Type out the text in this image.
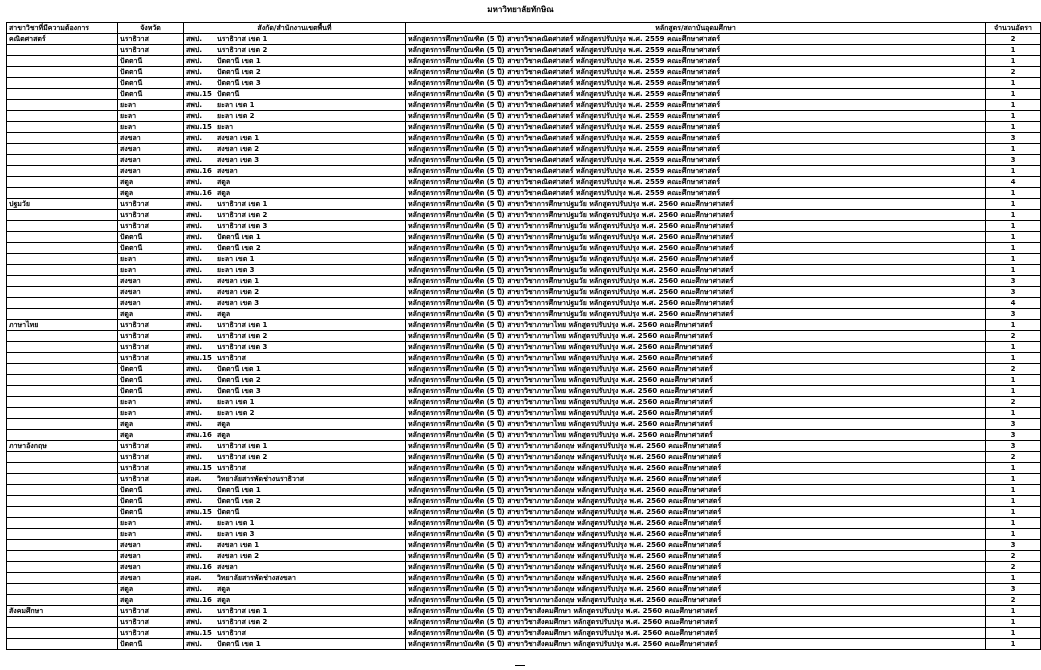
มหาวิทยาลัยทักษิณ
สาขาวิชาที่มีความต้องการ	จังหวัด	สังกัด/สำนักงานเขตพื้นที่	หลักสูตร/สถาบันอุดมศึกษา	จำนวนอัตรา
คณิตศาสตร์	นราธิวาส	สพป. นราธิวาส เขต 1	หลักสูตรการศึกษาบัณฑิต (5 ปี) สาขาวิชาคณิตศาสตร์ หลักสูตรปรับปรุง พ.ศ. 2559 คณะศึกษาศาสตร์	2
	นราธิวาส	สพป. นราธิวาส เขต 2	หลักสูตรการศึกษาบัณฑิต (5 ปี) สาขาวิชาคณิตศาสตร์ หลักสูตรปรับปรุง พ.ศ. 2559 คณะศึกษาศาสตร์	1
	ปัตตานี	สพป. ปัตตานี เขต 1	หลักสูตรการศึกษาบัณฑิต (5 ปี) สาขาวิชาคณิตศาสตร์ หลักสูตรปรับปรุง พ.ศ. 2559 คณะศึกษาศาสตร์	1
	ปัตตานี	สพป. ปัตตานี เขต 2	หลักสูตรการศึกษาบัณฑิต (5 ปี) สาขาวิชาคณิตศาสตร์ หลักสูตรปรับปรุง พ.ศ. 2559 คณะศึกษาศาสตร์	2
	ปัตตานี	สพป. ปัตตานี เขต 3	หลักสูตรการศึกษาบัณฑิต (5 ปี) สาขาวิชาคณิตศาสตร์ หลักสูตรปรับปรุง พ.ศ. 2559 คณะศึกษาศาสตร์	1
	ปัตตานี	สพม.15 ปัตตานี	หลักสูตรการศึกษาบัณฑิต (5 ปี) สาขาวิชาคณิตศาสตร์ หลักสูตรปรับปรุง พ.ศ. 2559 คณะศึกษาศาสตร์	1
	ยะลา	สพป. ยะลา เขต 1	หลักสูตรการศึกษาบัณฑิต (5 ปี) สาขาวิชาคณิตศาสตร์ หลักสูตรปรับปรุง พ.ศ. 2559 คณะศึกษาศาสตร์	1
	ยะลา	สพป. ยะลา เขต 2	หลักสูตรการศึกษาบัณฑิต (5 ปี) สาขาวิชาคณิตศาสตร์ หลักสูตรปรับปรุง พ.ศ. 2559 คณะศึกษาศาสตร์	1
	ยะลา	สพม.15 ยะลา	หลักสูตรการศึกษาบัณฑิต (5 ปี) สาขาวิชาคณิตศาสตร์ หลักสูตรปรับปรุง พ.ศ. 2559 คณะศึกษาศาสตร์	1
	สงขลา	สพป. สงขลา เขต 1	หลักสูตรการศึกษาบัณฑิต (5 ปี) สาขาวิชาคณิตศาสตร์ หลักสูตรปรับปรุง พ.ศ. 2559 คณะศึกษาศาสตร์	3
	สงขลา	สพป. สงขลา เขต 2	หลักสูตรการศึกษาบัณฑิต (5 ปี) สาขาวิชาคณิตศาสตร์ หลักสูตรปรับปรุง พ.ศ. 2559 คณะศึกษาศาสตร์	1
	สงขลา	สพป. สงขลา เขต 3	หลักสูตรการศึกษาบัณฑิต (5 ปี) สาขาวิชาคณิตศาสตร์ หลักสูตรปรับปรุง พ.ศ. 2559 คณะศึกษาศาสตร์	3
	สงขลา	สพม.16 สงขลา	หลักสูตรการศึกษาบัณฑิต (5 ปี) สาขาวิชาคณิตศาสตร์ หลักสูตรปรับปรุง พ.ศ. 2559 คณะศึกษาศาสตร์	1
	สตูล	สพป. สตูล	หลักสูตรการศึกษาบัณฑิต (5 ปี) สาขาวิชาคณิตศาสตร์ หลักสูตรปรับปรุง พ.ศ. 2559 คณะศึกษาศาสตร์	4
	สตูล	สพม.16 สตูล	หลักสูตรการศึกษาบัณฑิต (5 ปี) สาขาวิชาคณิตศาสตร์ หลักสูตรปรับปรุง พ.ศ. 2559 คณะศึกษาศาสตร์	1
ปฐมวัย	นราธิวาส	สพป. นราธิวาส เขต 1	หลักสูตรการศึกษาบัณฑิต (5 ปี) สาขาวิชาการศึกษาปฐมวัย หลักสูตรปรับปรุง พ.ศ. 2560 คณะศึกษาศาสตร์	1
	นราธิวาส	สพป. นราธิวาส เขต 2	หลักสูตรการศึกษาบัณฑิต (5 ปี) สาขาวิชาการศึกษาปฐมวัย หลักสูตรปรับปรุง พ.ศ. 2560 คณะศึกษาศาสตร์	1
	นราธิวาส	สพป. นราธิวาส เขต 3	หลักสูตรการศึกษาบัณฑิต (5 ปี) สาขาวิชาการศึกษาปฐมวัย หลักสูตรปรับปรุง พ.ศ. 2560 คณะศึกษาศาสตร์	1
	ปัตตานี	สพป. ปัตตานี เขต 1	หลักสูตรการศึกษาบัณฑิต (5 ปี) สาขาวิชาการศึกษาปฐมวัย หลักสูตรปรับปรุง พ.ศ. 2560 คณะศึกษาศาสตร์	1
	ปัตตานี	สพป. ปัตตานี เขต 2	หลักสูตรการศึกษาบัณฑิต (5 ปี) สาขาวิชาการศึกษาปฐมวัย หลักสูตรปรับปรุง พ.ศ. 2560 คณะศึกษาศาสตร์	1
	ยะลา	สพป. ยะลา เขต 1	หลักสูตรการศึกษาบัณฑิต (5 ปี) สาขาวิชาการศึกษาปฐมวัย หลักสูตรปรับปรุง พ.ศ. 2560 คณะศึกษาศาสตร์	1
	ยะลา	สพป. ยะลา เขต 3	หลักสูตรการศึกษาบัณฑิต (5 ปี) สาขาวิชาการศึกษาปฐมวัย หลักสูตรปรับปรุง พ.ศ. 2560 คณะศึกษาศาสตร์	1
	สงขลา	สพป. สงขลา เขต 1	หลักสูตรการศึกษาบัณฑิต (5 ปี) สาขาวิชาการศึกษาปฐมวัย หลักสูตรปรับปรุง พ.ศ. 2560 คณะศึกษาศาสตร์	3
	สงขลา	สพป. สงขลา เขต 2	หลักสูตรการศึกษาบัณฑิต (5 ปี) สาขาวิชาการศึกษาปฐมวัย หลักสูตรปรับปรุง พ.ศ. 2560 คณะศึกษาศาสตร์	3
	สงขลา	สพป. สงขลา เขต 3	หลักสูตรการศึกษาบัณฑิต (5 ปี) สาขาวิชาการศึกษาปฐมวัย หลักสูตรปรับปรุง พ.ศ. 2560 คณะศึกษาศาสตร์	4
	สตูล	สพป. สตูล	หลักสูตรการศึกษาบัณฑิต (5 ปี) สาขาวิชาการศึกษาปฐมวัย หลักสูตรปรับปรุง พ.ศ. 2560 คณะศึกษาศาสตร์	3
ภาษาไทย	นราธิวาส	สพป. นราธิวาส เขต 1	หลักสูตรการศึกษาบัณฑิต (5 ปี) สาขาวิชาภาษาไทย หลักสูตรปรับปรุง พ.ศ. 2560 คณะศึกษาศาสตร์	1
	นราธิวาส	สพป. นราธิวาส เขต 2	หลักสูตรการศึกษาบัณฑิต (5 ปี) สาขาวิชาภาษาไทย หลักสูตรปรับปรุง พ.ศ. 2560 คณะศึกษาศาสตร์	2
	นราธิวาส	สพป. นราธิวาส เขต 3	หลักสูตรการศึกษาบัณฑิต (5 ปี) สาขาวิชาภาษาไทย หลักสูตรปรับปรุง พ.ศ. 2560 คณะศึกษาศาสตร์	1
	นราธิวาส	สพม.15 นราธิวาส	หลักสูตรการศึกษาบัณฑิต (5 ปี) สาขาวิชาภาษาไทย หลักสูตรปรับปรุง พ.ศ. 2560 คณะศึกษาศาสตร์	1
	ปัตตานี	สพป. ปัตตานี เขต 1	หลักสูตรการศึกษาบัณฑิต (5 ปี) สาขาวิชาภาษาไทย หลักสูตรปรับปรุง พ.ศ. 2560 คณะศึกษาศาสตร์	2
	ปัตตานี	สพป. ปัตตานี เขต 2	หลักสูตรการศึกษาบัณฑิต (5 ปี) สาขาวิชาภาษาไทย หลักสูตรปรับปรุง พ.ศ. 2560 คณะศึกษาศาสตร์	1
	ปัตตานี	สพป. ปัตตานี เขต 3	หลักสูตรการศึกษาบัณฑิต (5 ปี) สาขาวิชาภาษาไทย หลักสูตรปรับปรุง พ.ศ. 2560 คณะศึกษาศาสตร์	1
	ยะลา	สพป. ยะลา เขต 1	หลักสูตรการศึกษาบัณฑิต (5 ปี) สาขาวิชาภาษาไทย หลักสูตรปรับปรุง พ.ศ. 2560 คณะศึกษาศาสตร์	2
	ยะลา	สพป. ยะลา เขต 2	หลักสูตรการศึกษาบัณฑิต (5 ปี) สาขาวิชาภาษาไทย หลักสูตรปรับปรุง พ.ศ. 2560 คณะศึกษาศาสตร์	1
	สตูล	สพป. สตูล	หลักสูตรการศึกษาบัณฑิต (5 ปี) สาขาวิชาภาษาไทย หลักสูตรปรับปรุง พ.ศ. 2560 คณะศึกษาศาสตร์	3
	สตูล	สพม.16 สตูล	หลักสูตรการศึกษาบัณฑิต (5 ปี) สาขาวิชาภาษาไทย หลักสูตรปรับปรุง พ.ศ. 2560 คณะศึกษาศาสตร์	3
ภาษาอังกฤษ	นราธิวาส	สพป. นราธิวาส เขต 1	หลักสูตรการศึกษาบัณฑิต (5 ปี) สาขาวิชาภาษาอังกฤษ หลักสูตรปรับปรุง พ.ศ. 2560 คณะศึกษาศาสตร์	3
	นราธิวาส	สพป. นราธิวาส เขต 2	หลักสูตรการศึกษาบัณฑิต (5 ปี) สาขาวิชาภาษาอังกฤษ หลักสูตรปรับปรุง พ.ศ. 2560 คณะศึกษาศาสตร์	2
	นราธิวาส	สพม.15 นราธิวาส	หลักสูตรการศึกษาบัณฑิต (5 ปี) สาขาวิชาภาษาอังกฤษ หลักสูตรปรับปรุง พ.ศ. 2560 คณะศึกษาศาสตร์	1
	นราธิวาส	สอศ. วิทยาลัยสารพัดช่างนราธิวาส	หลักสูตรการศึกษาบัณฑิต (5 ปี) สาขาวิชาภาษาอังกฤษ หลักสูตรปรับปรุง พ.ศ. 2560 คณะศึกษาศาสตร์	1
	ปัตตานี	สพป. ปัตตานี เขต 1	หลักสูตรการศึกษาบัณฑิต (5 ปี) สาขาวิชาภาษาอังกฤษ หลักสูตรปรับปรุง พ.ศ. 2560 คณะศึกษาศาสตร์	1
	ปัตตานี	สพป. ปัตตานี เขต 2	หลักสูตรการศึกษาบัณฑิต (5 ปี) สาขาวิชาภาษาอังกฤษ หลักสูตรปรับปรุง พ.ศ. 2560 คณะศึกษาศาสตร์	1
	ปัตตานี	สพม.15 ปัตตานี	หลักสูตรการศึกษาบัณฑิต (5 ปี) สาขาวิชาภาษาอังกฤษ หลักสูตรปรับปรุง พ.ศ. 2560 คณะศึกษาศาสตร์	1
	ยะลา	สพป. ยะลา เขต 1	หลักสูตรการศึกษาบัณฑิต (5 ปี) สาขาวิชาภาษาอังกฤษ หลักสูตรปรับปรุง พ.ศ. 2560 คณะศึกษาศาสตร์	1
	ยะลา	สพป. ยะลา เขต 3	หลักสูตรการศึกษาบัณฑิต (5 ปี) สาขาวิชาภาษาอังกฤษ หลักสูตรปรับปรุง พ.ศ. 2560 คณะศึกษาศาสตร์	1
	สงขลา	สพป. สงขลา เขต 1	หลักสูตรการศึกษาบัณฑิต (5 ปี) สาขาวิชาภาษาอังกฤษ หลักสูตรปรับปรุง พ.ศ. 2560 คณะศึกษาศาสตร์	3
	สงขลา	สพป. สงขลา เขต 2	หลักสูตรการศึกษาบัณฑิต (5 ปี) สาขาวิชาภาษาอังกฤษ หลักสูตรปรับปรุง พ.ศ. 2560 คณะศึกษาศาสตร์	2
	สงขลา	สพม.16 สงขลา	หลักสูตรการศึกษาบัณฑิต (5 ปี) สาขาวิชาภาษาอังกฤษ หลักสูตรปรับปรุง พ.ศ. 2560 คณะศึกษาศาสตร์	2
	สงขลา	สอศ. วิทยาลัยสารพัดช่างสงขลา	หลักสูตรการศึกษาบัณฑิต (5 ปี) สาขาวิชาภาษาอังกฤษ หลักสูตรปรับปรุง พ.ศ. 2560 คณะศึกษาศาสตร์	1
	สตูล	สพป. สตูล	หลักสูตรการศึกษาบัณฑิต (5 ปี) สาขาวิชาภาษาอังกฤษ หลักสูตรปรับปรุง พ.ศ. 2560 คณะศึกษาศาสตร์	3
	สตูล	สพม.16 สตูล	หลักสูตรการศึกษาบัณฑิต (5 ปี) สาขาวิชาภาษาอังกฤษ หลักสูตรปรับปรุง พ.ศ. 2560 คณะศึกษาศาสตร์	2
สังคมศึกษา	นราธิวาส	สพป. นราธิวาส เขต 1	หลักสูตรการศึกษาบัณฑิต (5 ปี) สาขาวิชาสังคมศึกษา หลักสูตรปรับปรุง พ.ศ. 2560 คณะศึกษาศาสตร์	1
	นราธิวาส	สพป. นราธิวาส เขต 2	หลักสูตรการศึกษาบัณฑิต (5 ปี) สาขาวิชาสังคมศึกษา หลักสูตรปรับปรุง พ.ศ. 2560 คณะศึกษาศาสตร์	1
	นราธิวาส	สพม.15 นราธิวาส	หลักสูตรการศึกษาบัณฑิต (5 ปี) สาขาวิชาสังคมศึกษา หลักสูตรปรับปรุง พ.ศ. 2560 คณะศึกษาศาสตร์	1
	ปัตตานี	สพป. ปัตตานี เขต 1	หลักสูตรการศึกษาบัณฑิต (5 ปี) สาขาวิชาสังคมศึกษา หลักสูตรปรับปรุง พ.ศ. 2560 คณะศึกษาศาสตร์	1
